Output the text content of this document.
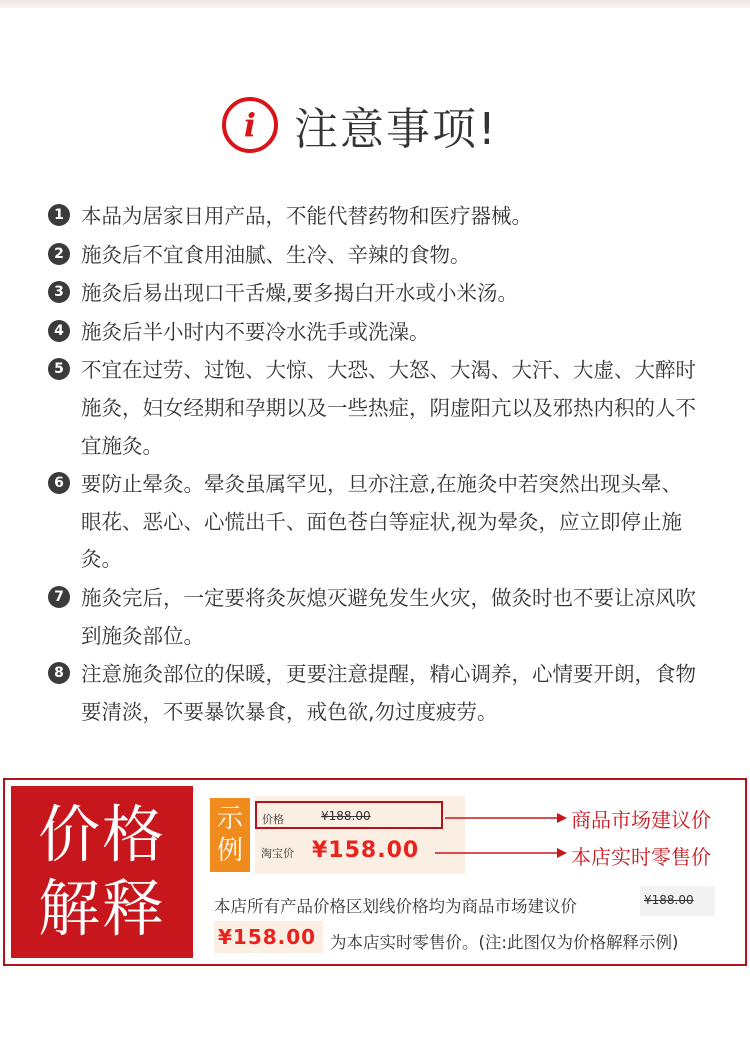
i 注意事项!
1 本品为居家日用产品，不能代替药物和医疗器械。
2 施灸后不宜食用油腻、生冷、辛辣的食物。
3 施灸后易出现口干舌燥,要多揭白开水或小米汤。
4 施灸后半小时内不要冷水洗手或洗澡。
5 不宜在过劳、过饱、大惊、大恐、大怒、大渴、大汗、大虚、大醉时施灸，妇女经期和孕期以及一些热症，阴虚阳亢以及邪热内积的人不宜施灸。
6 要防止晕灸。晕灸虽属罕见，旦亦注意,在施灸中若突然出现头晕、眼花、恶心、心慌出千、面色苍白等症状,视为晕灸，应立即停止施灸。
7 施灸完后，一定要将灸灰熄灭避免发生火灾，做灸时也不要让凉风吹到施灸部位。
8 注意施灸部位的保暖，更要注意提醒，精心调养，心情要开朗，食物要清淡，不要暴饮暴食，戒色欲,勿过度疲劳。
价格
解释
示
例
价格	¥188.00
淘宝价 ¥158.00
商品市场建议价
本店实时零售价
本店所有产品价格区划线价格均为商品市场建议价	¥188.00
¥158.00 为本店实时零售价。(注:此图仅为价格解释示例)
